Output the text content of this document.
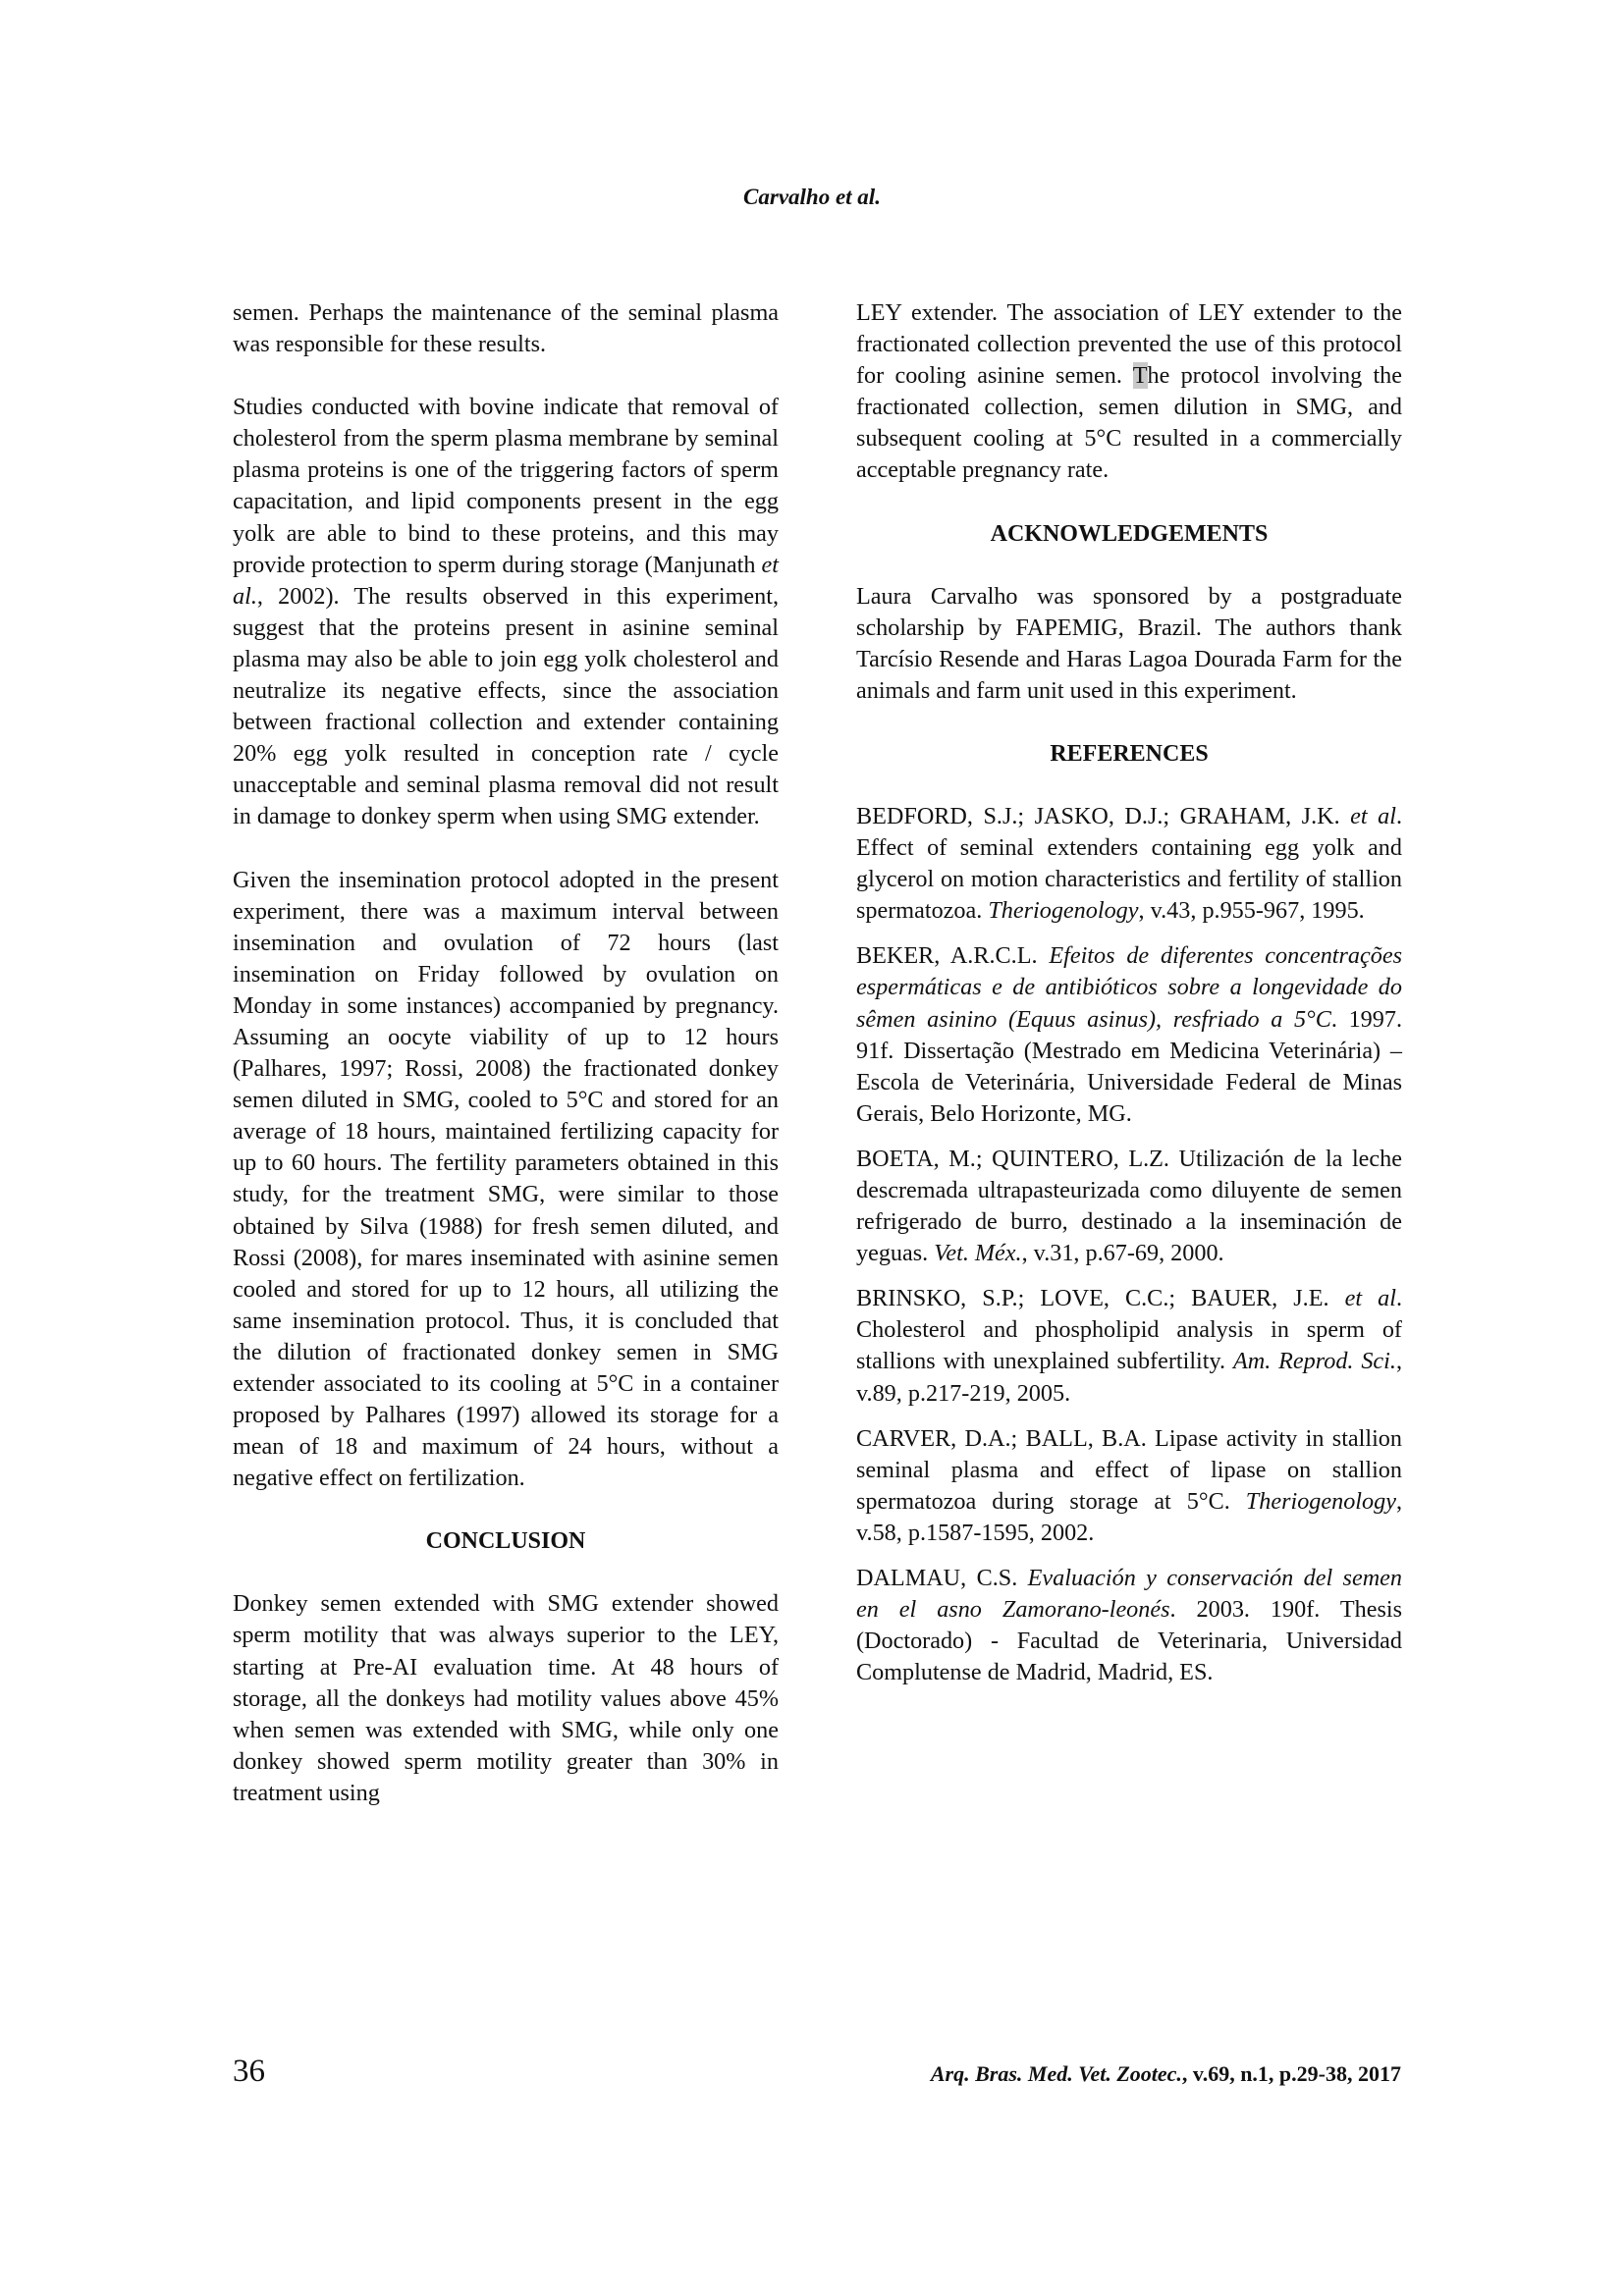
Carvalho et al.

semen. Perhaps the maintenance of the seminal plasma was responsible for these results.

Studies conducted with bovine indicate that removal of cholesterol from the sperm plasma membrane by seminal plasma proteins is one of the triggering factors of sperm capacitation, and lipid components present in the egg yolk are able to bind to these proteins, and this may provide protection to sperm during storage (Manjunath et al., 2002). The results observed in this experiment, suggest that the proteins present in asinine seminal plasma may also be able to join egg yolk cholesterol and neutralize its negative effects, since the association between fractional collection and extender containing 20% egg yolk resulted in conception rate / cycle unacceptable and seminal plasma removal did not result in damage to donkey sperm when using SMG extender.

Given the insemination protocol adopted in the present experiment, there was a maximum interval between insemination and ovulation of 72 hours (last insemination on Friday followed by ovulation on Monday in some instances) accompanied by pregnancy. Assuming an oocyte viability of up to 12 hours (Palhares, 1997; Rossi, 2008) the fractionated donkey semen diluted in SMG, cooled to 5°C and stored for an average of 18 hours, maintained fertilizing capacity for up to 60 hours. The fertility parameters obtained in this study, for the treatment SMG, were similar to those obtained by Silva (1988) for fresh semen diluted, and Rossi (2008), for mares inseminated with asinine semen cooled and stored for up to 12 hours, all utilizing the same insemination protocol. Thus, it is concluded that the dilution of fractionated donkey semen in SMG extender associated to its cooling at 5°C in a container proposed by Palhares (1997) allowed its storage for a mean of 18 and maximum of 24 hours, without a negative effect on fertilization.

CONCLUSION

Donkey semen extended with SMG extender showed sperm motility that was always superior to the LEY, starting at Pre-AI evaluation time. At 48 hours of storage, all the donkeys had motility values above 45% when semen was extended with SMG, while only one donkey showed sperm motility greater than 30% in treatment using

LEY extender. The association of LEY extender to the fractionated collection prevented the use of this protocol for cooling asinine semen. The protocol involving the fractionated collection, semen dilution in SMG, and subsequent cooling at 5°C resulted in a commercially acceptable pregnancy rate.

ACKNOWLEDGEMENTS

Laura Carvalho was sponsored by a postgraduate scholarship by FAPEMIG, Brazil. The authors thank Tarcísio Resende and Haras Lagoa Dourada Farm for the animals and farm unit used in this experiment.

REFERENCES

BEDFORD, S.J.; JASKO, D.J.; GRAHAM, J.K. et al. Effect of seminal extenders containing egg yolk and glycerol on motion characteristics and fertility of stallion spermatozoa. Theriogenology, v.43, p.955-967, 1995.

BEKER, A.R.C.L. Efeitos de diferentes concentrações espermáticas e de antibióticos sobre a longevidade do sêmen asinino (Equus asinus), resfriado a 5°C. 1997. 91f. Dissertação (Mestrado em Medicina Veterinária) – Escola de Veterinária, Universidade Federal de Minas Gerais, Belo Horizonte, MG.

BOETA, M.; QUINTERO, L.Z. Utilización de la leche descremada ultrapasteurizada como diluyente de semen refrigerado de burro, destinado a la inseminación de yeguas. Vet. Méx., v.31, p.67-69, 2000.

BRINSKO, S.P.; LOVE, C.C.; BAUER, J.E. et al. Cholesterol and phospholipid analysis in sperm of stallions with unexplained subfertility. Am. Reprod. Sci., v.89, p.217-219, 2005.

CARVER, D.A.; BALL, B.A. Lipase activity in stallion seminal plasma and effect of lipase on stallion spermatozoa during storage at 5°C. Theriogenology, v.58, p.1587-1595, 2002.

DALMAU, C.S. Evaluación y conservación del semen en el asno Zamorano-leonés. 2003. 190f. Thesis (Doctorado) - Facultad de Veterinaria, Universidad Complutense de Madrid, Madrid, ES.

36	Arq. Bras. Med. Vet. Zootec., v.69, n.1, p.29-38, 2017
